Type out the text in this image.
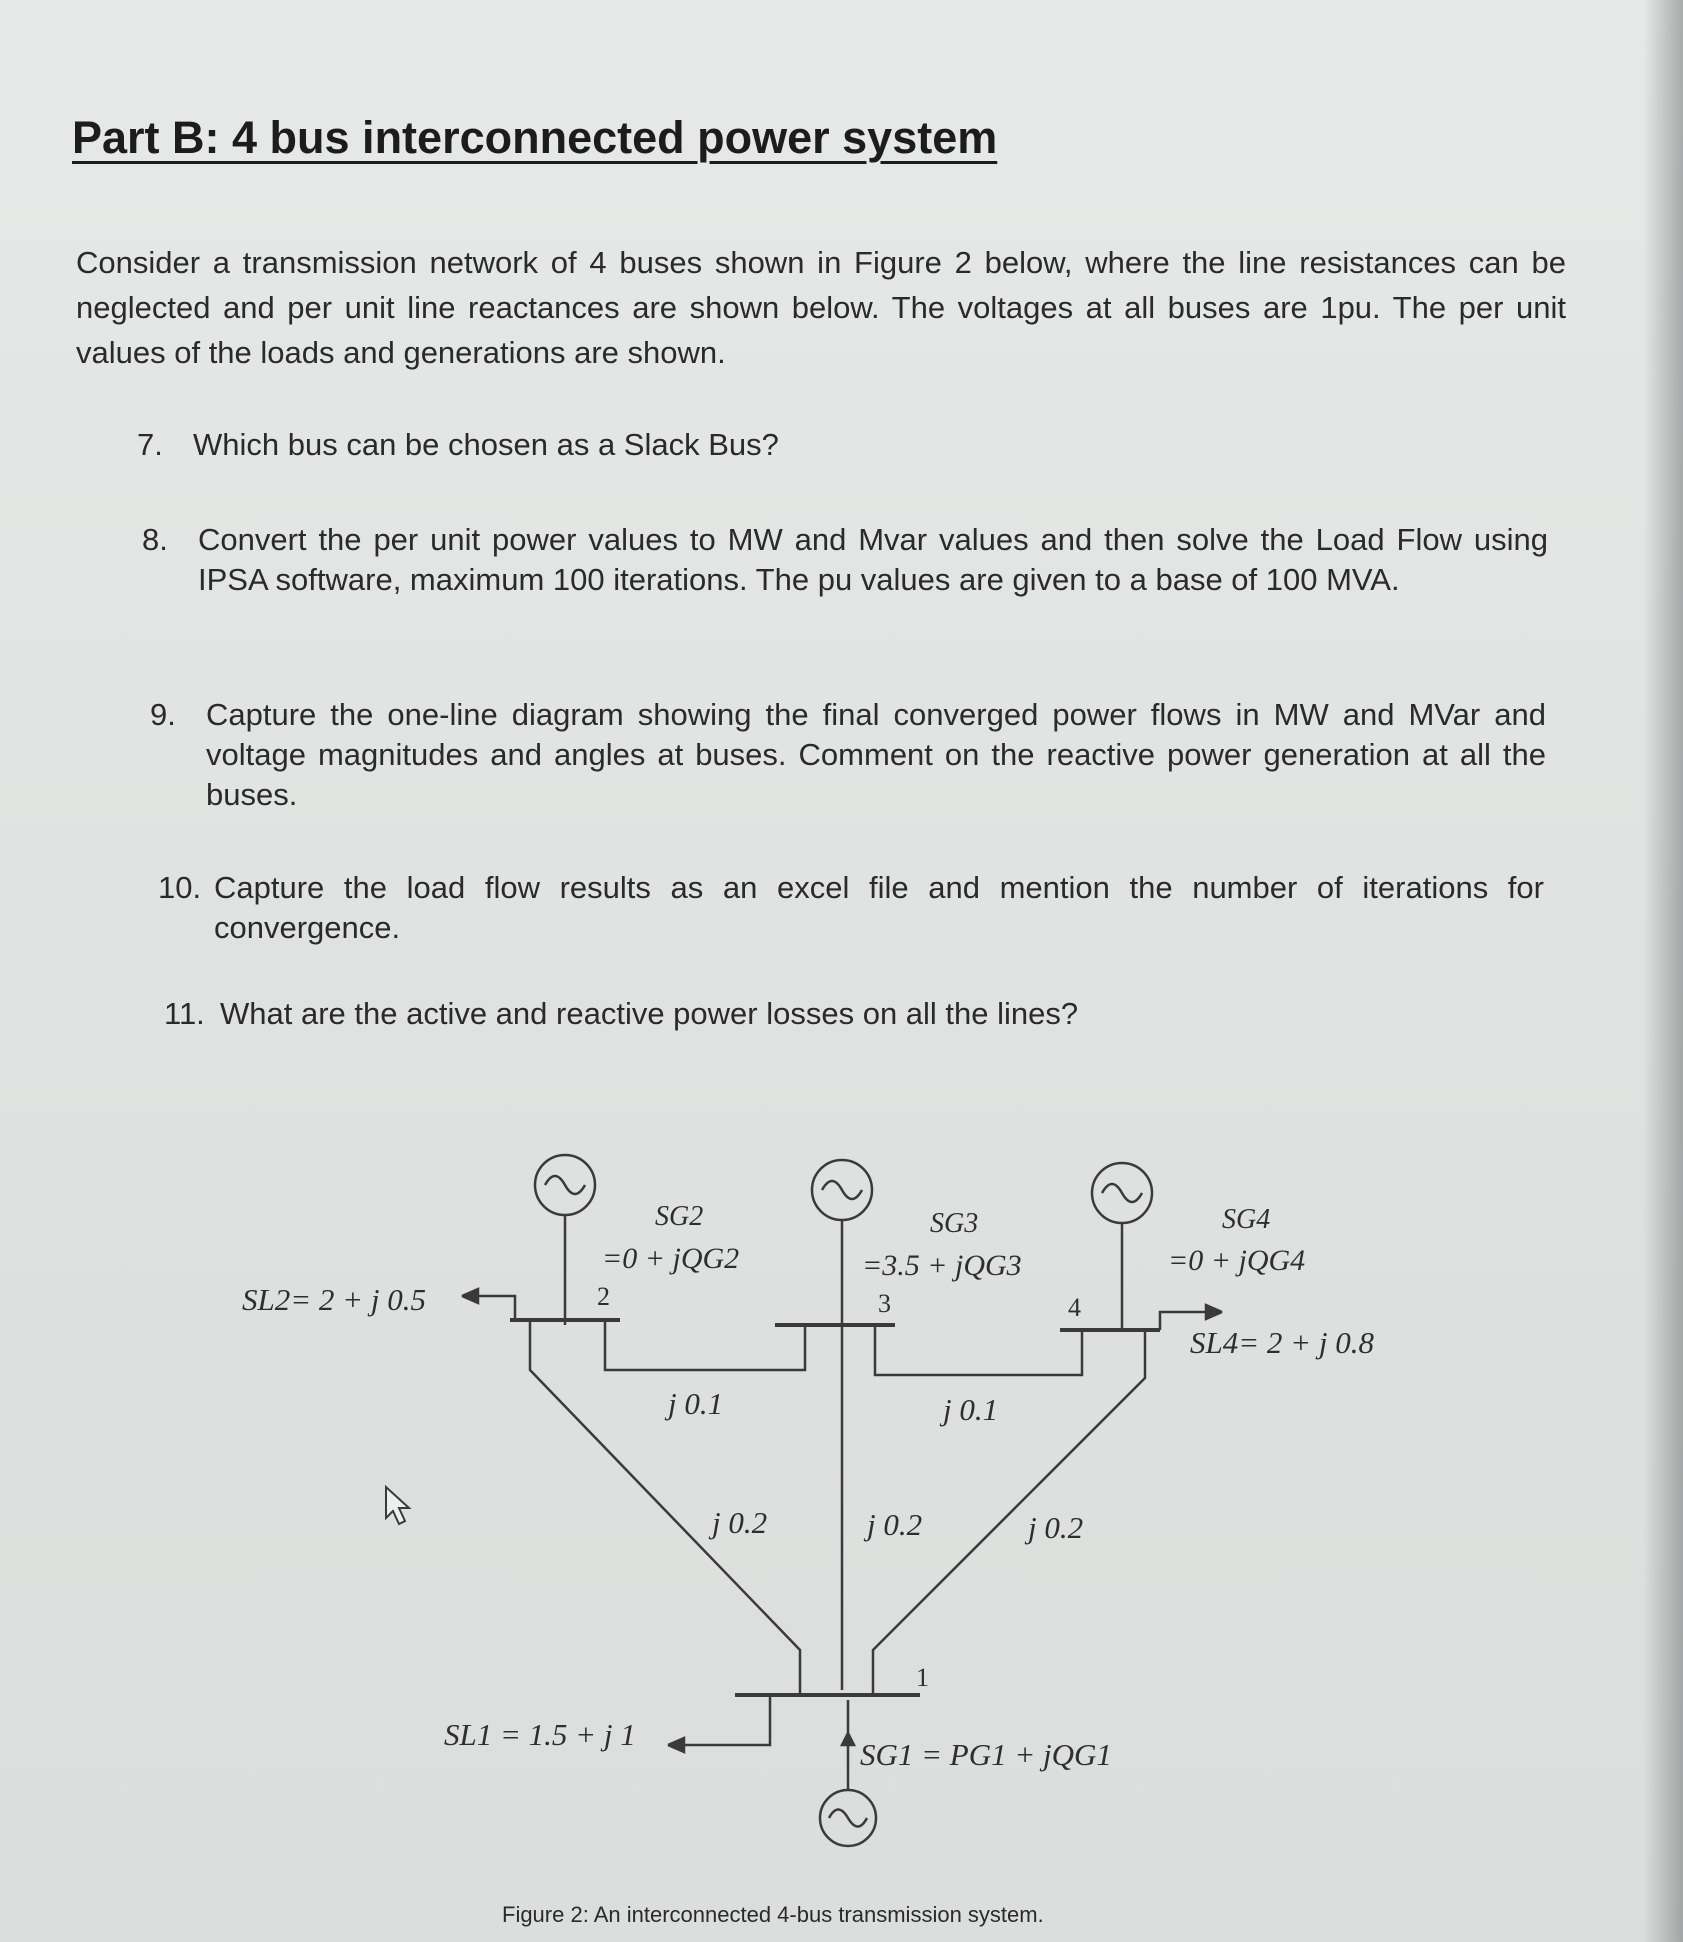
Part B: 4 bus interconnected power system
Consider a transmission network of 4 buses shown in Figure 2 below, where the line resistances can be neglected and per unit line reactances are shown below. The voltages at all buses are 1pu. The per unit values of the loads and generations are shown.
7. Which bus can be chosen as a Slack Bus?
8. Convert the per unit power values to MW and Mvar values and then solve the Load Flow using IPSA software, maximum 100 iterations. The pu values are given to a base of 100 MVA.
9. Capture the one-line diagram showing the final converged power flows in MW and MVar and voltage magnitudes and angles at buses. Comment on the reactive power generation at all the buses.
10. Capture the load flow results as an excel file and mention the number of iterations for convergence.
11. What are the active and reactive power losses on all the lines?
2	3	4
1
SG2
=0 + jQG2
SG3
=3.5 + jQG3
SG4
=0 + jQG4
SG1 = PG1 + jQG1
SL2= 2 + j 0.5
SL4= 2 + j 0.8
SL1 = 1.5 + j 1
j 0.1	j 0.1
j 0.2	j 0.2	j 0.2
Figure 2: An interconnected 4-bus transmission system.
